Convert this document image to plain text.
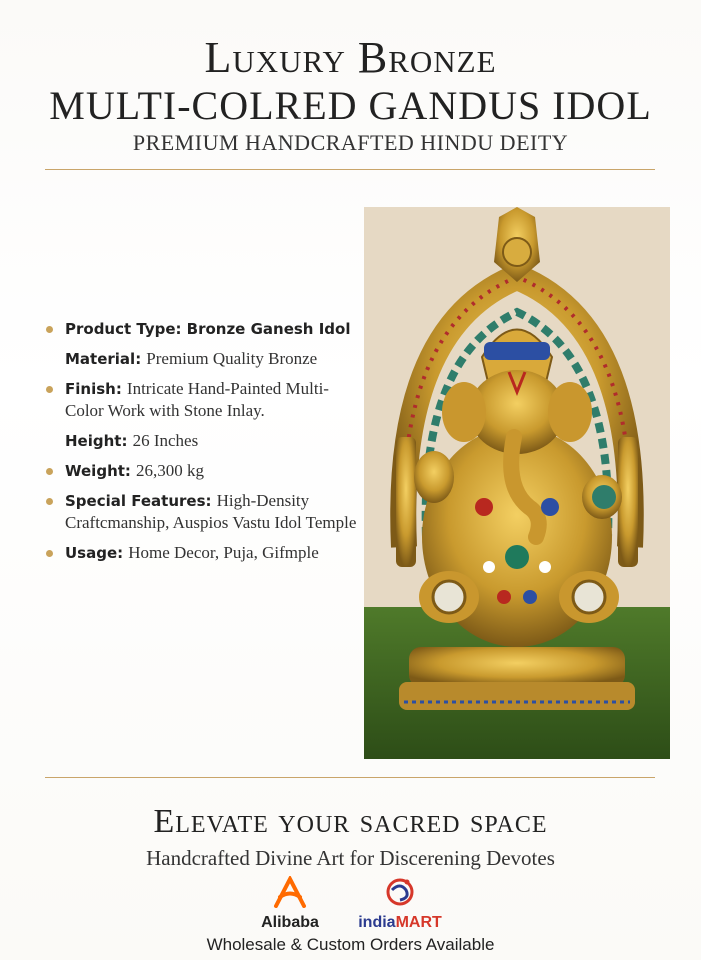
Luxury Bronze
MULTI-COLRED GANDUS IDOL
PREMIUM HANDCRAFTED HINDU DEITY
Product Type: Bronze Ganesh Idol
Material: Premium Quality Bronze
Finish: Intricate Hand-Painted Multi-Color Work with Stone Inlay.
Height: 26 Inches
Weight: 26,300 kg
Special Features: High-Density Craftcmanship, Auspios Vastu Idol Temple
Usage: Home Decor, Puja, Gifmple
Elevate your sacred space
Handcrafted Divine Art for Discerening Devotes
Alibaba	indiaMART
Wholesale & Custom Orders Available
